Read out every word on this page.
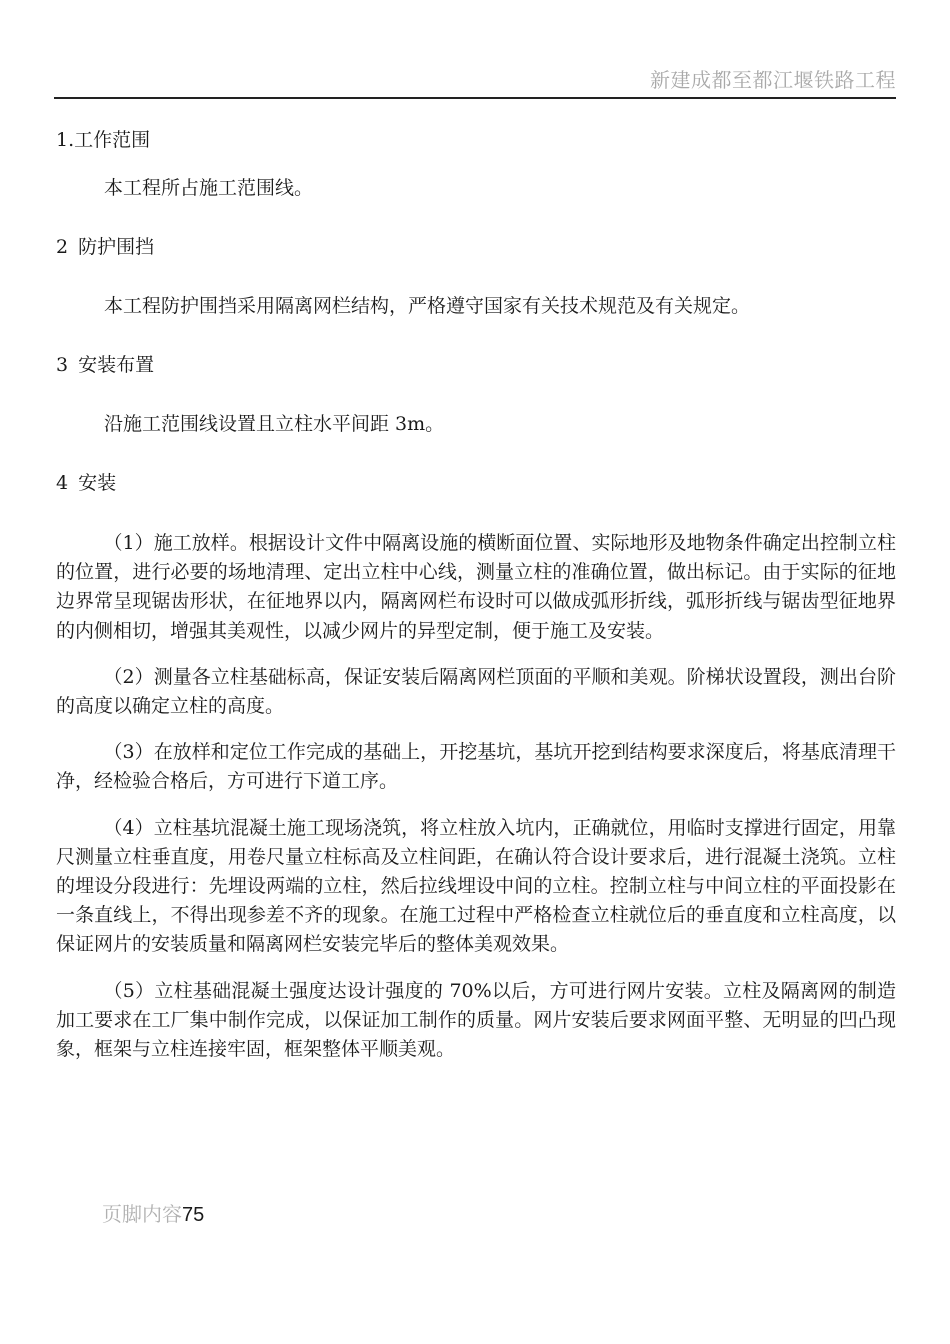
新建成都至都江堰铁路工程

1.工作范围

本工程所占施工范围线。

2 防护围挡

本工程防护围挡采用隔离网栏结构，严格遵守国家有关技术规范及有关规定。

3 安装布置

沿施工范围线设置且立柱水平间距 3m。

4 安装

（1）施工放样。根据设计文件中隔离设施的横断面位置、实际地形及地物条件确定出控制立柱的位置，进行必要的场地清理、定出立柱中心线，测量立柱的准确位置，做出标记。由于实际的征地边界常呈现锯齿形状，在征地界以内，隔离网栏布设时可以做成弧形折线，弧形折线与锯齿型征地界的内侧相切，增强其美观性，以减少网片的异型定制，便于施工及安装。

（2）测量各立柱基础标高，保证安装后隔离网栏顶面的平顺和美观。阶梯状设置段，测出台阶的高度以确定立柱的高度。

（3）在放样和定位工作完成的基础上，开挖基坑，基坑开挖到结构要求深度后，将基底清理干净，经检验合格后，方可进行下道工序。

（4）立柱基坑混凝土施工现场浇筑，将立柱放入坑内，正确就位，用临时支撑进行固定，用靠尺测量立柱垂直度，用卷尺量立柱标高及立柱间距，在确认符合设计要求后，进行混凝土浇筑。立柱的埋设分段进行：先埋设两端的立柱，然后拉线埋设中间的立柱。控制立柱与中间立柱的平面投影在一条直线上，不得出现参差不齐的现象。在施工过程中严格检查立柱就位后的垂直度和立柱高度，以保证网片的安装质量和隔离网栏安装完毕后的整体美观效果。

（5）立柱基础混凝土强度达设计强度的 70%以后，方可进行网片安装。立柱及隔离网的制造加工要求在工厂集中制作完成，以保证加工制作的质量。网片安装后要求网面平整、无明显的凹凸现象，框架与立柱连接牢固，框架整体平顺美观。

页脚内容75
